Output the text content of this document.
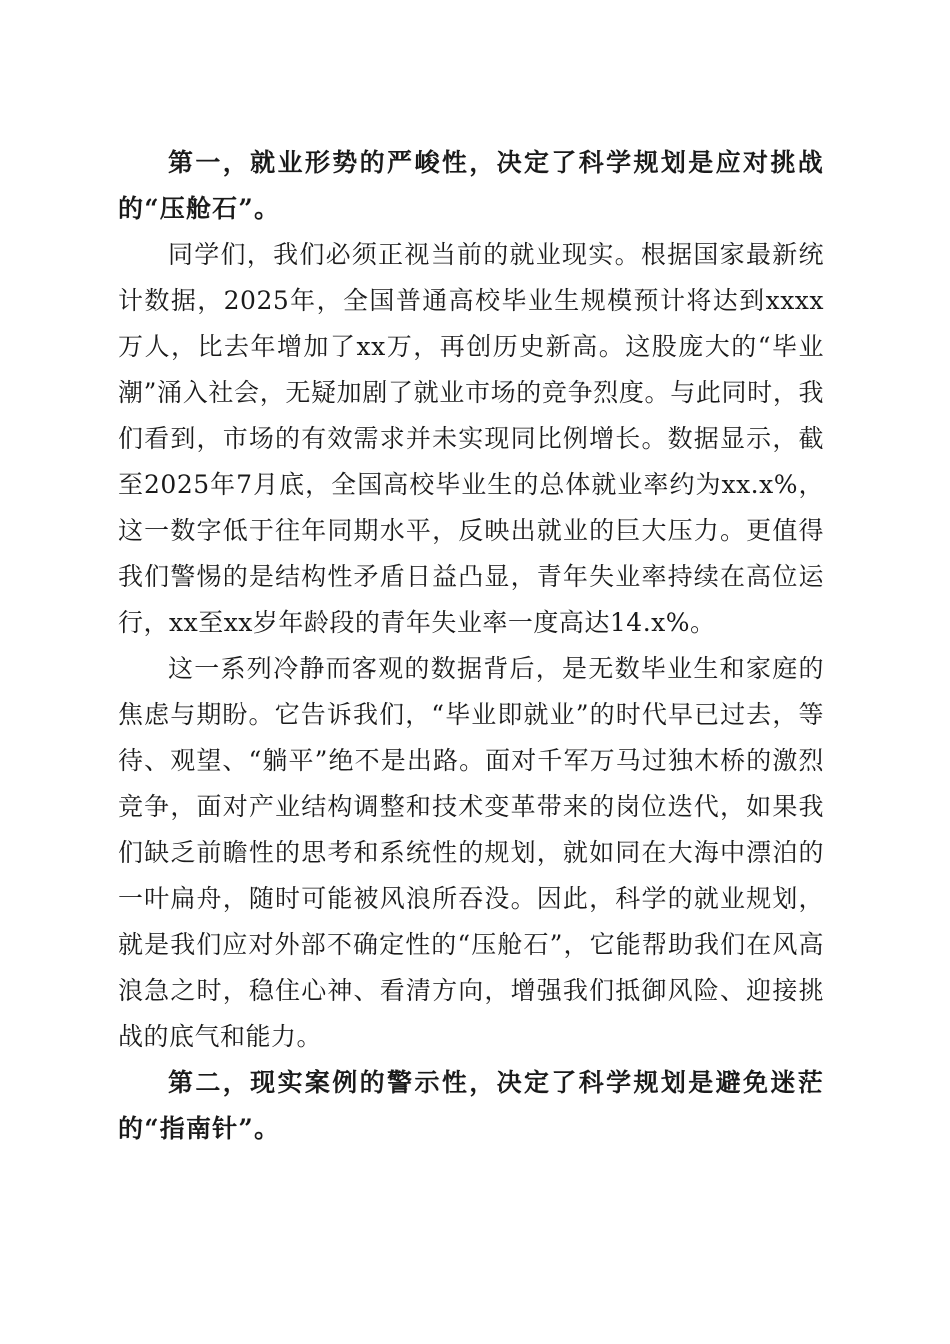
第一，就业形势的严峻性，决定了科学规划是应对挑战的“压舱石”。

同学们，我们必须正视当前的就业现实。根据国家最新统计数据，2025年，全国普通高校毕业生规模预计将达到xxxx万人，比去年增加了xx万，再创历史新高。这股庞大的“毕业潮”涌入社会，无疑加剧了就业市场的竞争烈度。与此同时，我们看到，市场的有效需求并未实现同比例增长。数据显示，截至2025年7月底，全国高校毕业生的总体就业率约为xx.x%，这一数字低于往年同期水平，反映出就业的巨大压力。更值得我们警惕的是结构性矛盾日益凸显，青年失业率持续在高位运行，xx至xx岁年龄段的青年失业率一度高达14.x%。

这一系列冷静而客观的数据背后，是无数毕业生和家庭的焦虑与期盼。它告诉我们，“毕业即就业”的时代早已过去，等待、观望、“躺平”绝不是出路。面对千军万马过独木桥的激烈竞争，面对产业结构调整和技术变革带来的岗位迭代，如果我们缺乏前瞻性的思考和系统性的规划，就如同在大海中漂泊的一叶扁舟，随时可能被风浪所吞没。因此，科学的就业规划，就是我们应对外部不确定性的“压舱石”，它能帮助我们在风高浪急之时，稳住心神、看清方向，增强我们抵御风险、迎接挑战的底气和能力。

第二，现实案例的警示性，决定了科学规划是避免迷茫的“指南针”。
